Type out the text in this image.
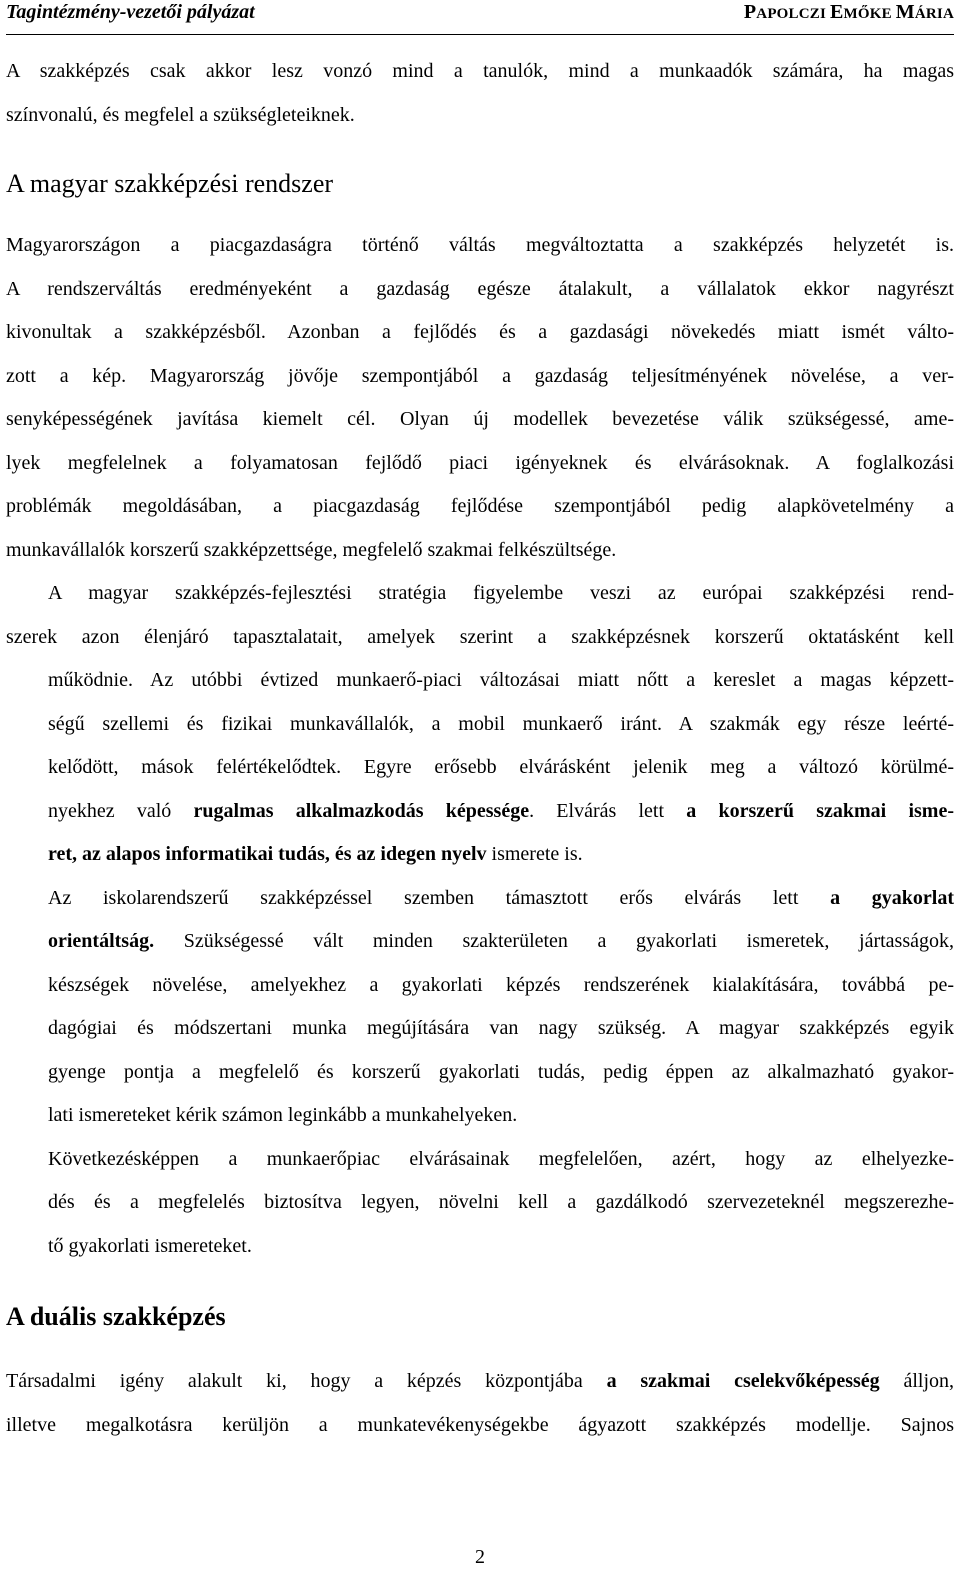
Tagintézmény-vezetői pályázat	PAPOLCZI EMŐKE MÁRIA

A szakképzés csak akkor lesz vonzó mind a tanulók, mind a munkaadók számára, ha magas
színvonalú, és megfelel a szükségleteiknek.

A magyar szakképzési rendszer

Magyarországon a piacgazdaságra történő váltás megváltoztatta a szakképzés helyzetét is.
A rendszerváltás eredményeként a gazdaság egésze átalakult, a vállalatok ekkor nagyrészt
kivonultak a szakképzésből. Azonban a fejlődés és a gazdasági növekedés miatt ismét válto-
zott a kép. Magyarország jövője szempontjából a gazdaság teljesítményének növelése, a ver-
senyképességének javítása kiemelt cél. Olyan új modellek bevezetése válik szükségessé, ame-
lyek megfelelnek a folyamatosan fejlődő piaci igényeknek és elvárásoknak. A foglalkozási
problémák megoldásában, a piacgazdaság fejlődése szempontjából pedig alapkövetelmény a
munkavállalók korszerű szakképzettsége, megfelelő szakmai felkészültsége.

A magyar szakképzés-fejlesztési stratégia figyelembe veszi az európai szakképzési rend-
szerek azon élenjáró tapasztalatait, amelyek szerint a szakképzésnek korszerű oktatásként kell
működnie. Az utóbbi évtized munkaerő-piaci változásai miatt nőtt a kereslet a magas képzett-
ségű szellemi és fizikai munkavállalók, a mobil munkaerő iránt. A szakmák egy része leérté-
kelődött, mások felértékelődtek. Egyre erősebb elvárásként jelenik meg a változó körülmé-
nyekhez való rugalmas alkalmazkodás képessége. Elvárás lett a korszerű szakmai isme-
ret, az alapos informatikai tudás, és az idegen nyelv ismerete is.

Az iskolarendszerű szakképzéssel szemben támasztott erős elvárás lett a gyakorlat
orientáltság. Szükségessé vált minden szakterületen a gyakorlati ismeretek, jártasságok,
készségek növelése, amelyekhez a gyakorlati képzés rendszerének kialakítására, továbbá pe-
dagógiai és módszertani munka megújítására van nagy szükség. A magyar szakképzés egyik
gyenge pontja a megfelelő és korszerű gyakorlati tudás, pedig éppen az alkalmazható gyakor-
lati ismereteket kérik számon leginkább a munkahelyeken.

Következésképpen a munkaerőpiac elvárásainak megfelelően, azért, hogy az elhelyezke-
dés és a megfelelés biztosítva legyen, növelni kell a gazdálkodó szervezeteknél megszerezhe-
tő gyakorlati ismereteket.

A duális szakképzés

Társadalmi igény alakult ki, hogy a képzés központjába a szakmai cselekvőképesség álljon,
illetve megalkotásra kerüljön a munkatevékenységekbe ágyazott szakképzés modellje. Sajnos

2
